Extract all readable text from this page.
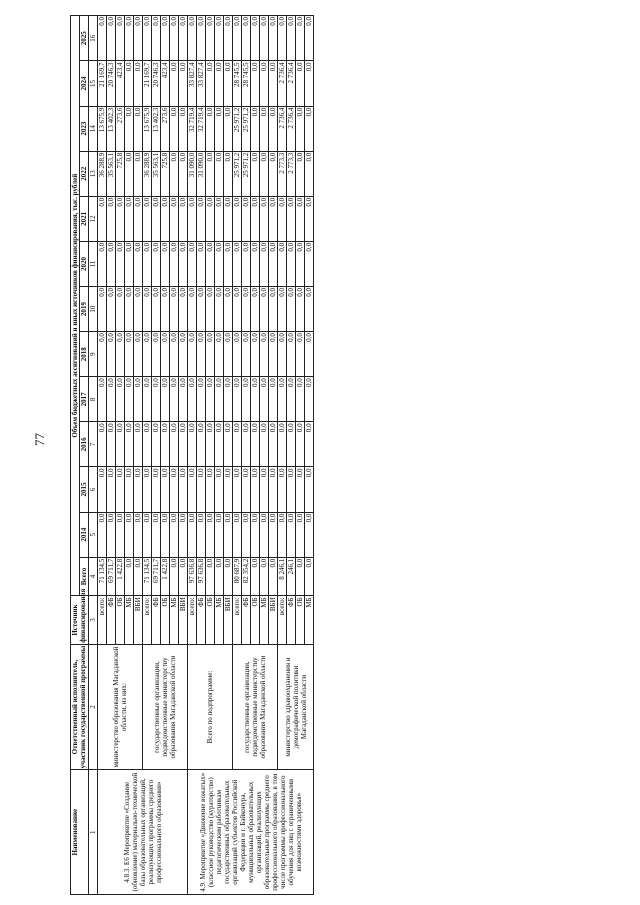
77
Наименование	Ответственный исполнитель, участник государственной программы	Источник финансирования	Объем бюджетных ассигнований и иных источников финансирования, тыс. рублей												
			Всего	2014	2015	2016	2017	2018	2019	2020	2021	2022	2023	2024	2025
1	2	3	4	5	6	7	8	9	10	11	12	13	14	15	16
4.8.3. Е6 Мероприятие «Создание (обновление) материально-технической базы образовательных организаций, реализующих программы среднего профессионального образования»	министерство образования Магаданской области, из них:	всего:	71 134,5	0,0	0,0	0,0	0,0	0,0	0,0	0,0	0,0	36 288,9	13 675,9	21 169,7	0,0
		ФБ	69 711,7	0,0	0,0	0,0	0,0	0,0	0,0	0,0	0,0	35 563,1	13 402,3	20 746,3	0,0
		ОБ	1 422,8	0,0	0,0	0,0	0,0	0,0	0,0	0,0	0,0	725,8	273,6	423,4	0,0
		МБ	0,0	0,0	0,0	0,0	0,0	0,0	0,0	0,0	0,0	0,0	0,0	0,0	0,0
		ВБИ	0,0	0,0	0,0	0,0	0,0	0,0	0,0	0,0	0,0	0,0	0,0	0,0	0,0
	государственные организации, подведомственные министерству образования Магаданской области	всего:	71 134,5	0,0	0,0	0,0	0,0	0,0	0,0	0,0	0,0	36 288,9	13 675,9	21 169,7	0,0
		ФБ	69 711,7	0,0	0,0	0,0	0,0	0,0	0,0	0,0	0,0	35 563,1	13 402,3	20 746,3	0,0
		ОБ	1 422,8	0,0	0,0	0,0	0,0	0,0	0,0	0,0	0,0	725,8	273,6	423,4	0,0
		МБ	0,0	0,0	0,0	0,0	0,0	0,0	0,0	0,0	0,0	0,0	0,0	0,0	0,0
		ВБИ	0,0	0,0	0,0	0,0	0,0	0,0	0,0	0,0	0,0	0,0	0,0	0,0	0,0
4.9. Мероприятие «Движение вожатых» (классное руководство (кураторство) педагогическим работникам государственных образовательных организаций субъектов Российской Федерации и г. Байконура, муниципальных образовательных организаций, реализующих образовательные программы среднего профессионального образования, в том числе программы профессионального обучения для лиц с ограниченными возможностями здоровья»	Всего по подпрограмме:	всего:	97 636,8	0,0	0,0	0,0	0,0	0,0	0,0	0,0	0,0	31 090,0	32 719,4	33 827,4	0,0
		ФБ	97 636,8	0,0	0,0	0,0	0,0	0,0	0,0	0,0	0,0	31 090,0	32 719,4	33 827,4	0,0
		ОБ	0,0	0,0	0,0	0,0	0,0	0,0	0,0	0,0	0,0	0,0	0,0	0,0	0,0
		МБ	0,0	0,0	0,0	0,0	0,0	0,0	0,0	0,0	0,0	0,0	0,0	0,0	0,0
		ВБИ	0,0	0,0	0,0	0,0	0,0	0,0	0,0	0,0	0,0	0,0	0,0	0,0	0,0
	государственные организации, подведомственные министерству образования Магаданской области	всего:	80 687,9	0,0	0,0	0,0	0,0	0,0	0,0	0,0	0,0	25 971,2	25 971,2	28 745,5	0,0
		ФБ	82 354,2	0,0	0,0	0,0	0,0	0,0	0,0	0,0	0,0	25 971,2	25 971,2	28 745,5	0,0
		ОБ	0,0	0,0	0,0	0,0	0,0	0,0	0,0	0,0	0,0	0,0	0,0	0,0	0,0
		МБ	0,0	0,0	0,0	0,0	0,0	0,0	0,0	0,0	0,0	0,0	0,0	0,0	0,0
		ВБИ	0,0	0,0	0,0	0,0	0,0	0,0	0,0	0,0	0,0	0,0	0,0	0,0	0,0
	министерство здравоохранения и демографической политики Магаданской области	всего:	8 246,1	0,0	0,0	0,0	0,0	0,0	0,0	0,0	0,0	2 773,3	2 736,4	2 736,4	0,0
		ФБ	246,1	0,0	0,0	0,0	0,0	0,0	0,0	0,0	0,0	2 773,3	2 736,4	2 736,4	0,0
		ОБ	0,0	0,0	0,0	0,0	0,0	0,0	0,0	0,0	0,0	0,0	0,0	0,0	0,0
		МБ	0,0	0,0	0,0	0,0	0,0	0,0	0,0	0,0	0,0	0,0	0,0	0,0	0,0
